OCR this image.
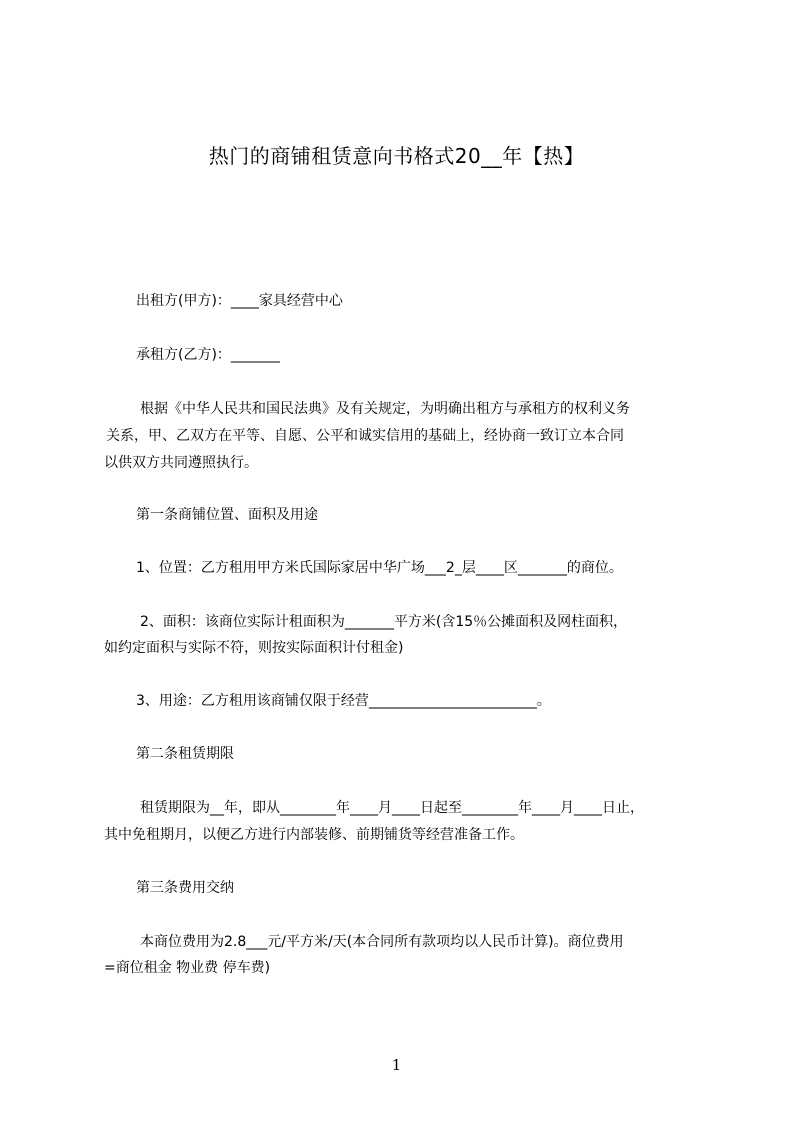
热门的商铺租赁意向书格式20__年【热】

出租方(甲方)：____家具经营中心

承租方(乙方)：_______

根据《中华人民共和国民法典》及有关规定，为明确出租方与承租方的权利义务

关系，甲、乙双方在平等、自愿、公平和诚实信用的基础上，经协商一致订立本合同

以供双方共同遵照执行。

第一条商铺位置、面积及用途

1、位置：乙方租用甲方米氏国际家居中华广场___2_层____区_______的商位。

2、面积：该商位实际计租面积为_______平方米(含15％公摊面积及网柱面积，

如约定面积与实际不符，则按实际面积计付租金)

3、用途：乙方租用该商铺仅限于经营________________________。

第二条租赁期限

租赁期限为__年，即从________年____月____日起至________年____月____日止，

其中免租期月，以便乙方进行内部装修、前期铺货等经营准备工作。

第三条费用交纳

本商位费用为2.8___元/平方米/天(本合同所有款项均以人民币计算)。商位费用

=商位租金 物业费 停车费)

1
